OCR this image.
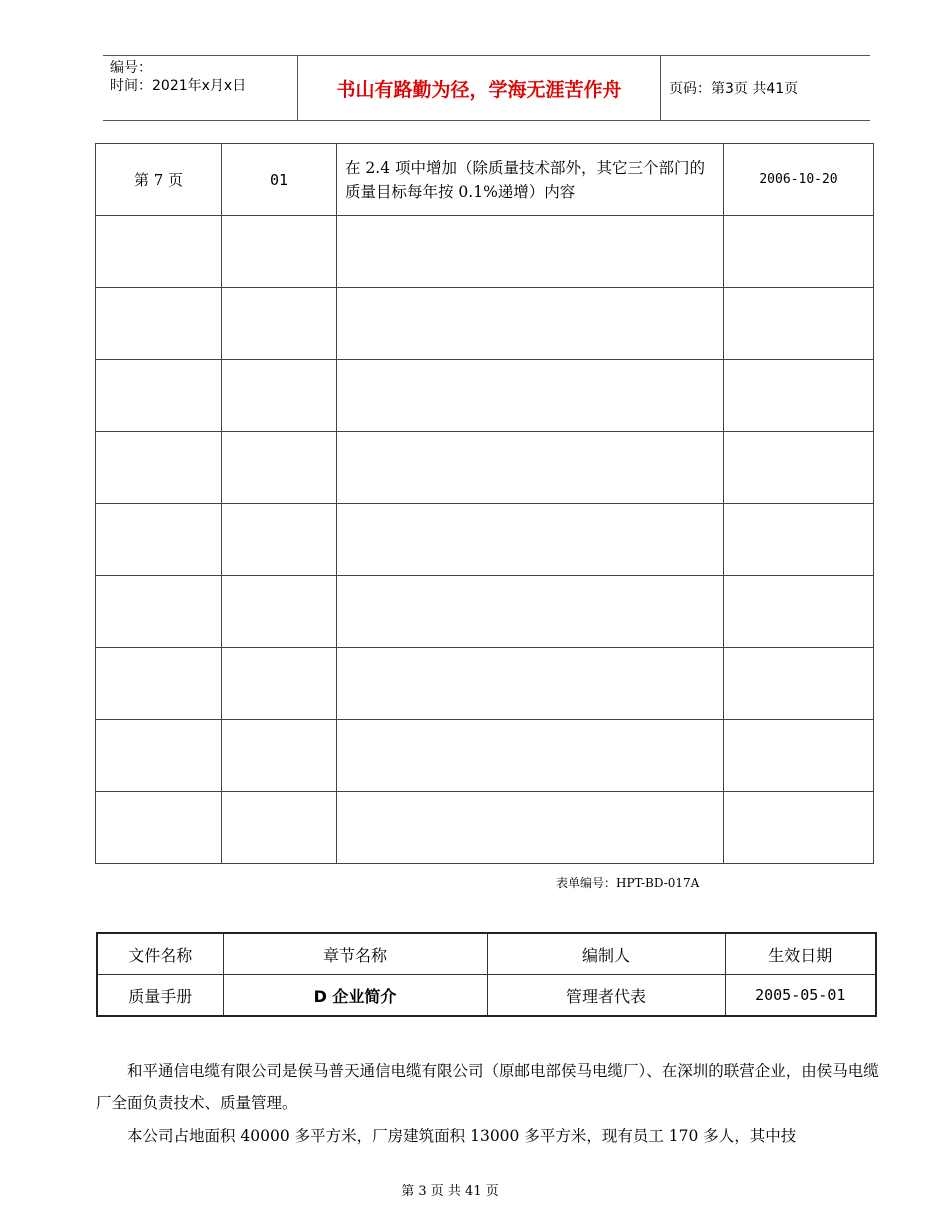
编号：
时间：2021年x月x日	书山有路勤为径，学海无涯苦作舟	页码：第3页 共41页
第 7 页	01	在 2.4 项中增加（除质量技术部外，其它三个部门的质量目标每年按 0.1%递增）内容	2006-10-20

表单编号：HPT-BD-017A
文件名称	章节名称	编制人	生效日期
质量手册	D 企业简介	管理者代表	2005-05-01

和平通信电缆有限公司是侯马普天通信电缆有限公司（原邮电部侯马电缆厂）、在深圳的联营企业，由侯马电缆厂全面负责技术、质量管理。

本公司占地面积 40000 多平方米，厂房建筑面积 13000 多平方米，现有员工 170 多人，其中技

第 3 页 共 41 页
